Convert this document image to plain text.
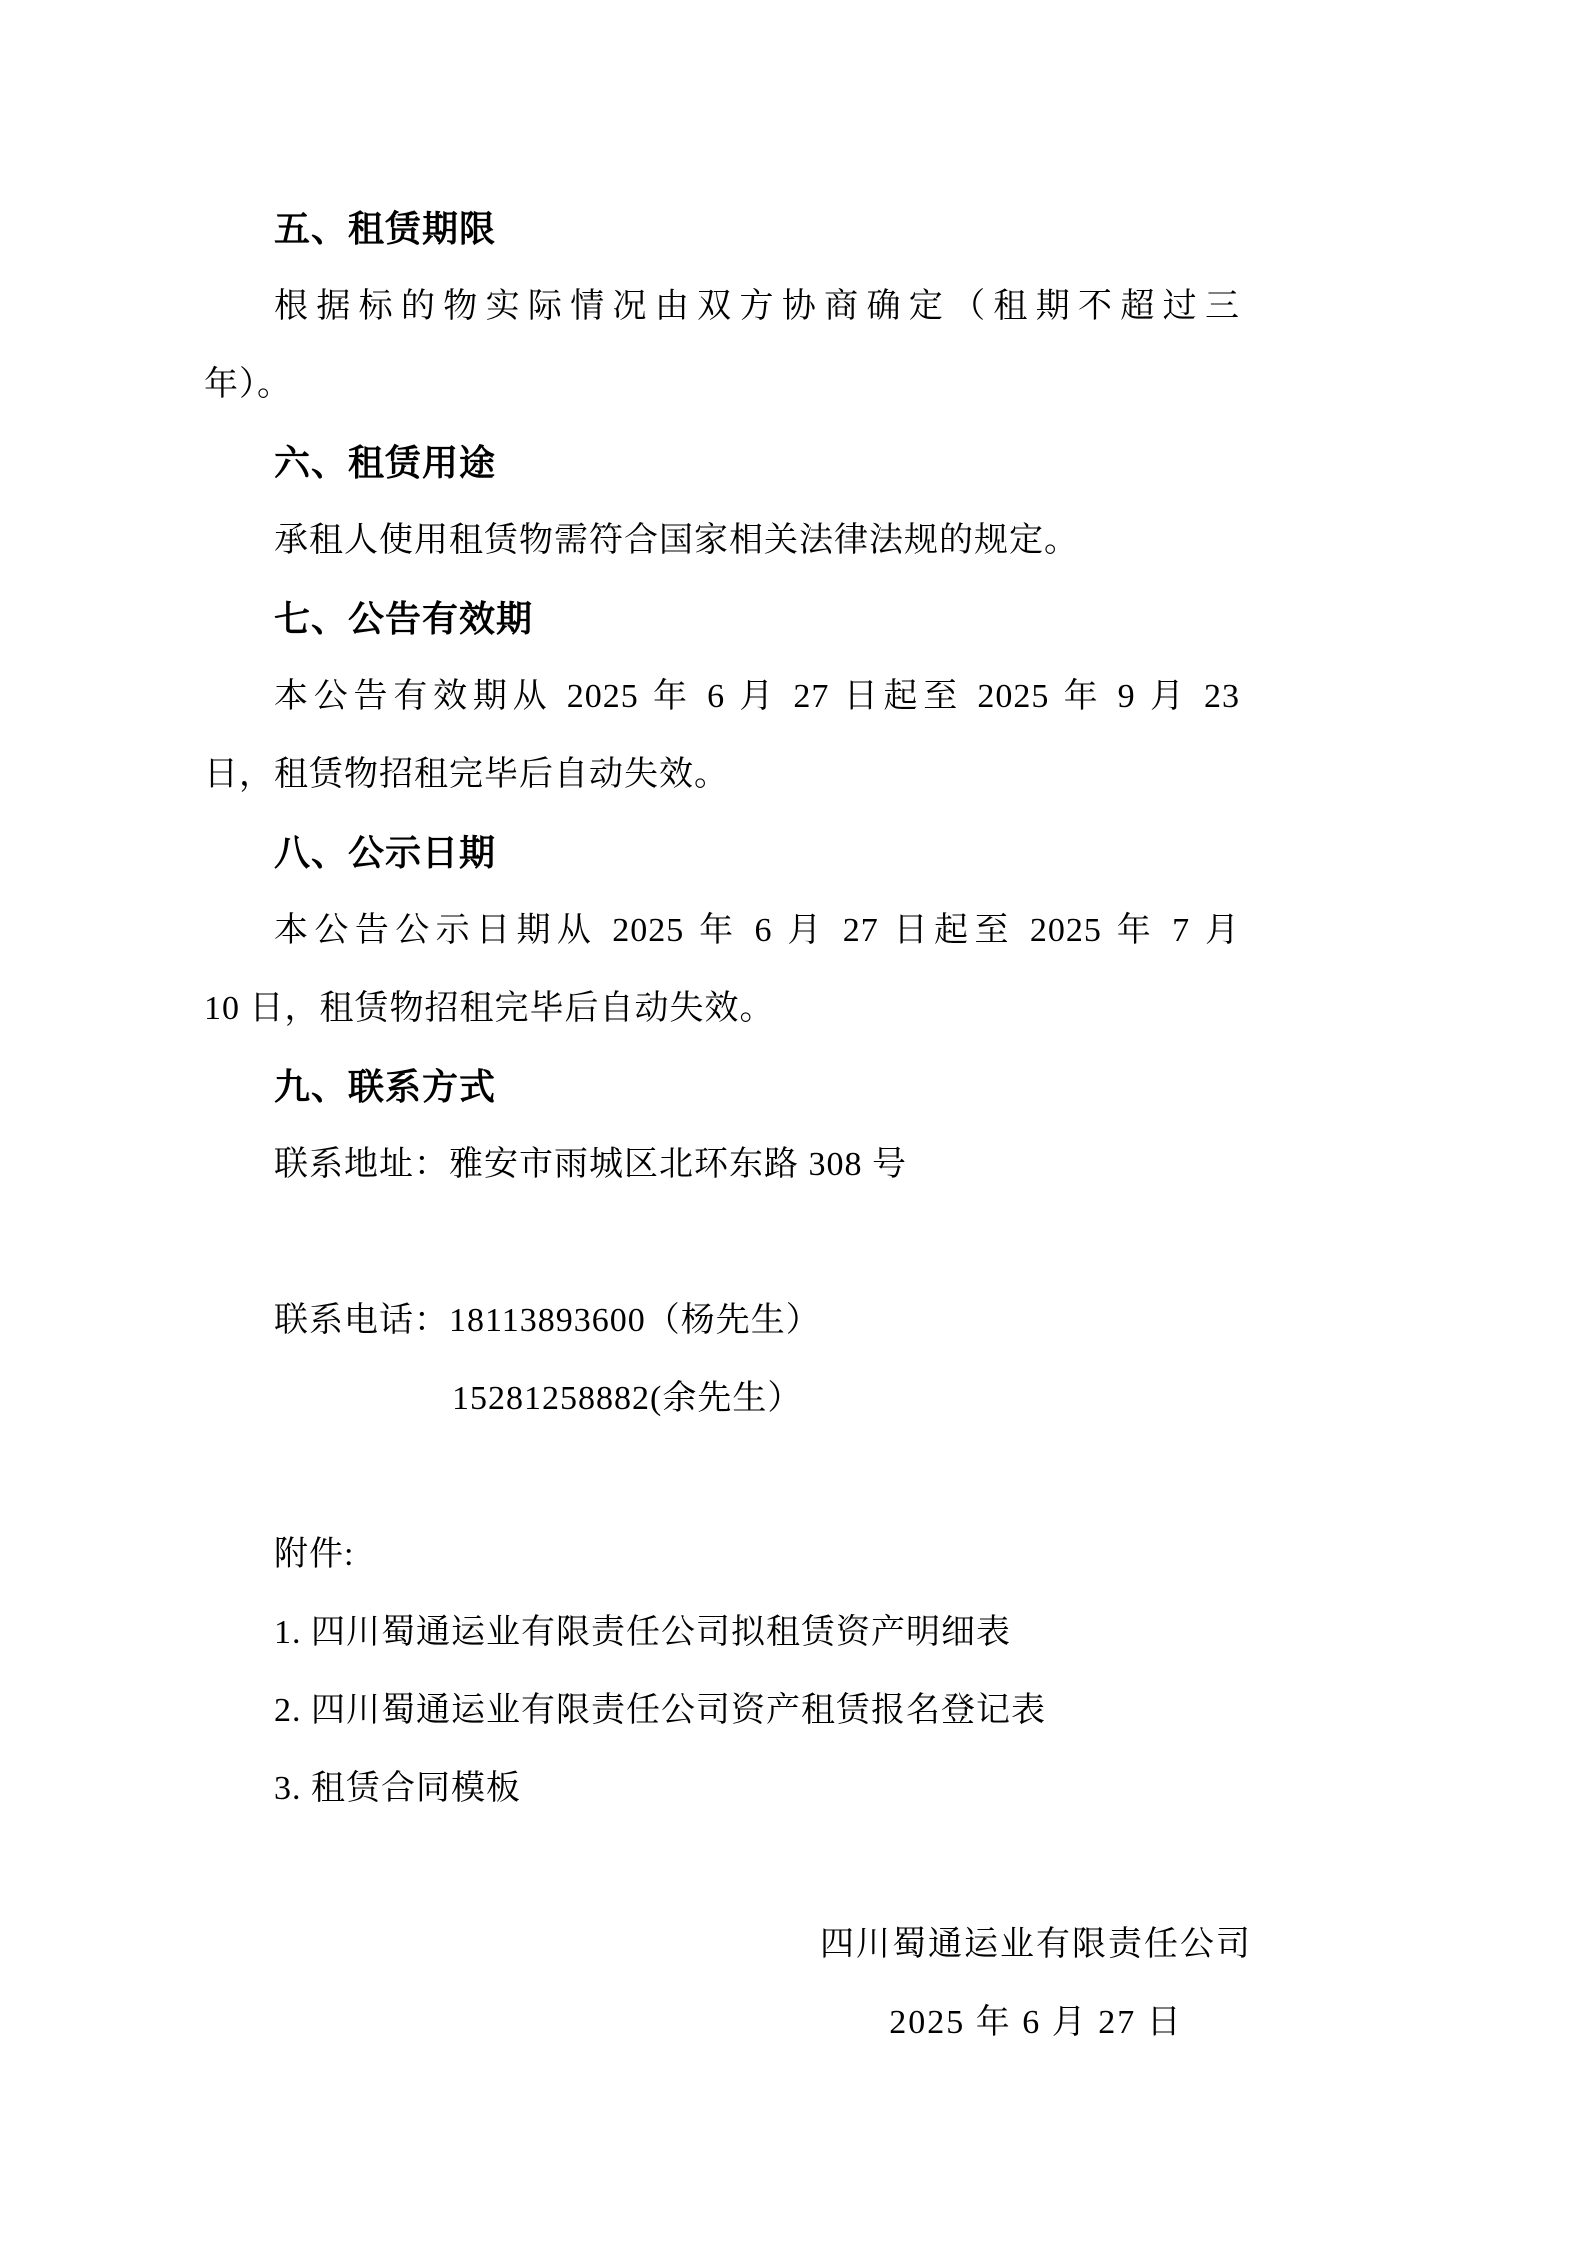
五、租赁期限
根据标的物实际情况由双方协商确定（租期不超过三
年）。
六、租赁用途
承租人使用租赁物需符合国家相关法律法规的规定。
七、公告有效期
本公告有效期从 2025 年 6 月 27 日起至 2025 年 9 月 23
日，租赁物招租完毕后自动失效。
八、公示日期
本公告公示日期从 2025 年 6 月 27 日起至 2025 年 7 月
10 日，租赁物招租完毕后自动失效。
九、联系方式
联系地址：雅安市雨城区北环东路 308 号
联系电话：18113893600（杨先生）
15281258882(余先生）
附件:
1. 四川蜀通运业有限责任公司拟租赁资产明细表
2. 四川蜀通运业有限责任公司资产租赁报名登记表
3. 租赁合同模板
四川蜀通运业有限责任公司
2025 年 6 月 27 日
